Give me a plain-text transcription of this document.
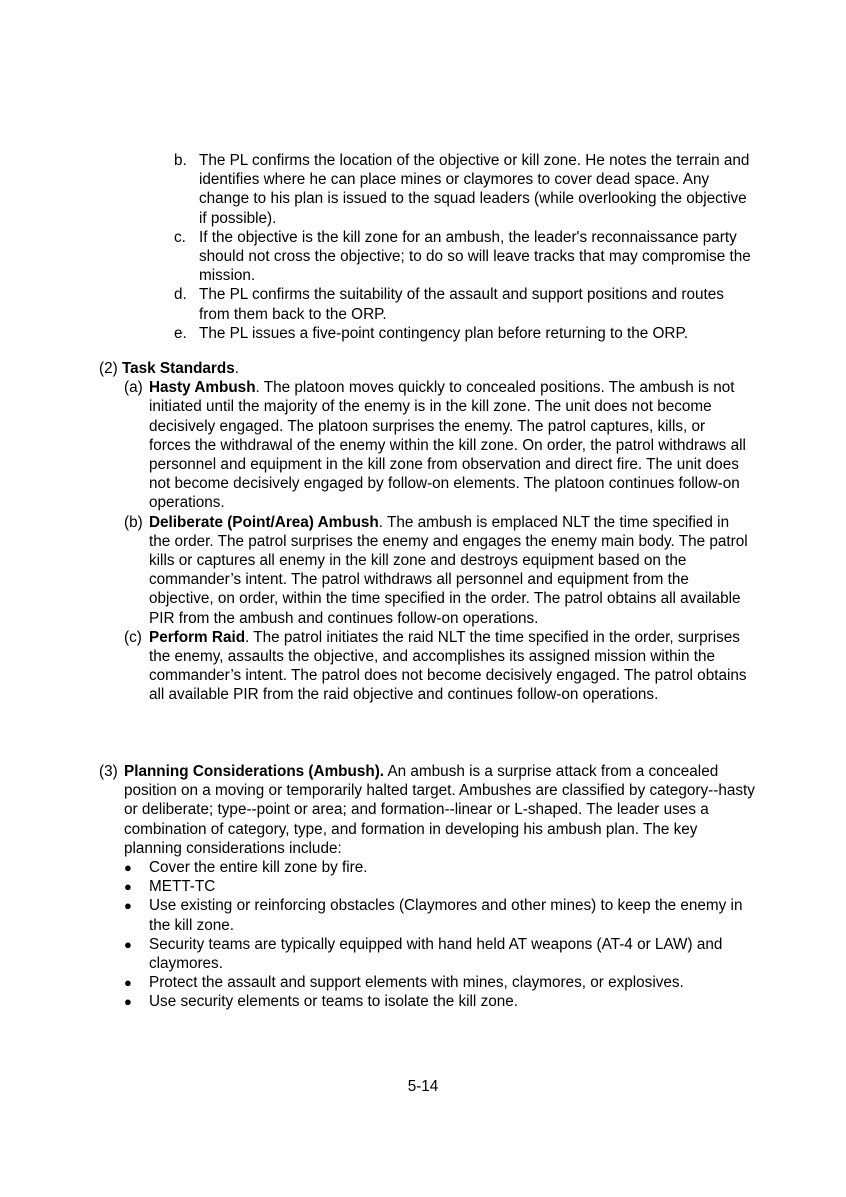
b. The PL confirms the location of the objective or kill zone. He notes the terrain and identifies where he can place mines or claymores to cover dead space. Any change to his plan is issued to the squad leaders (while overlooking the objective if possible).
c. If the objective is the kill zone for an ambush, the leader's reconnaissance party should not cross the objective; to do so will leave tracks that may compromise the mission.
d. The PL confirms the suitability of the assault and support positions and routes from them back to the ORP.
e. The PL issues a five-point contingency plan before returning to the ORP.
(2) Task Standards.
(a) Hasty Ambush. The platoon moves quickly to concealed positions. The ambush is not initiated until the majority of the enemy is in the kill zone. The unit does not become decisively engaged. The platoon surprises the enemy. The patrol captures, kills, or forces the withdrawal of the enemy within the kill zone. On order, the patrol withdraws all personnel and equipment in the kill zone from observation and direct fire. The unit does not become decisively engaged by follow-on elements. The platoon continues follow-on operations.
(b) Deliberate (Point/Area) Ambush. The ambush is emplaced NLT the time specified in the order. The patrol surprises the enemy and engages the enemy main body. The patrol kills or captures all enemy in the kill zone and destroys equipment based on the commander’s intent. The patrol withdraws all personnel and equipment from the objective, on order, within the time specified in the order. The patrol obtains all available PIR from the ambush and continues follow-on operations.
(c) Perform Raid. The patrol initiates the raid NLT the time specified in the order, surprises the enemy, assaults the objective, and accomplishes its assigned mission within the commander’s intent. The patrol does not become decisively engaged. The patrol obtains all available PIR from the raid objective and continues follow-on operations.
(3) Planning Considerations (Ambush). An ambush is a surprise attack from a concealed position on a moving or temporarily halted target. Ambushes are classified by category--hasty or deliberate; type--point or area; and formation--linear or L-shaped. The leader uses a combination of category, type, and formation in developing his ambush plan. The key planning considerations include:
● Cover the entire kill zone by fire.
● METT-TC
● Use existing or reinforcing obstacles (Claymores and other mines) to keep the enemy in the kill zone.
● Security teams are typically equipped with hand held AT weapons (AT-4 or LAW) and claymores.
● Protect the assault and support elements with mines, claymores, or explosives.
● Use security elements or teams to isolate the kill zone.
5-14
